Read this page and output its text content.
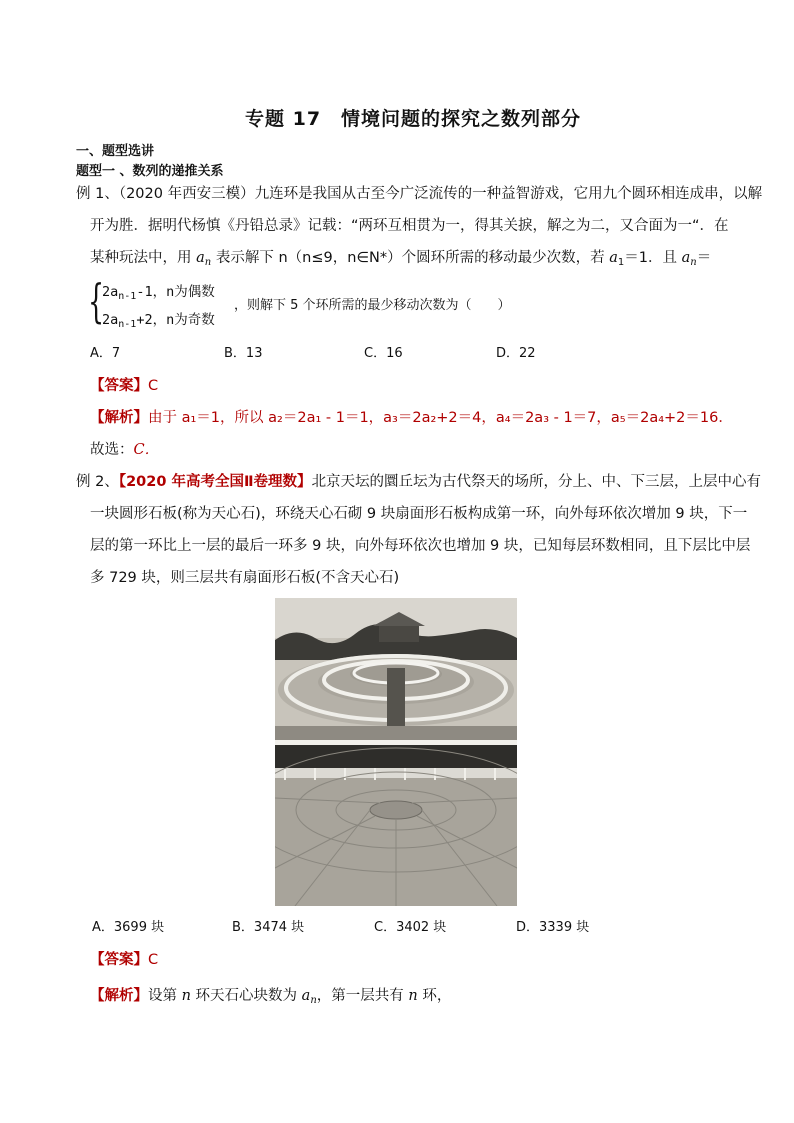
专题 17　情境问题的探究之数列部分
一、题型选讲
题型一 、数列的递推关系
例 1、（2020 年西安三模）九连环是我国从古至今广泛流传的一种益智游戏，它用九个圆环相连成串，以解
开为胜．据明代杨慎《丹铅总录》记载：“两环互相贯为一，得其关捩，解之为二，又合面为一“．在
某种玩法中，用 $a_n$ 表示解下 n（n≤9，n∈N*）个圆环所需的移动最少次数，若 $a_1=1$．且 $a_n=$
{
$2a_{n-1}-1$，n为偶数
$2a_{n-1}+2$，n为奇数
，则解下 5 个环所需的最少移动次数为（　　）
A．7	B．13	C．16	D．22
【答案】C
【解析】由于 a₁＝1，所以 a₂＝2a₁ - 1＝1，a₃＝2a₂+2＝4，a₄＝2a₃ - 1＝7，a₅＝2a₄+2＝16．
故选：C．
例 2、【2020 年高考全国Ⅱ卷理数】北京天坛的圜丘坛为古代祭天的场所，分上、中、下三层，上层中心有
一块圆形石板(称为天心石)，环绕天心石砌 9 块扇面形石板构成第一环，向外每环依次增加 9 块，下一
层的第一环比上一层的最后一环多 9 块，向外每环依次也增加 9 块，已知每层环数相同，且下层比中层
多 729 块，则三层共有扇面形石板(不含天心石)
A．3699 块	B．3474 块	C．3402 块	D．3339 块
【答案】C
【解析】设第 n 环天石心块数为 $a_n$，第一层共有 n 环，
